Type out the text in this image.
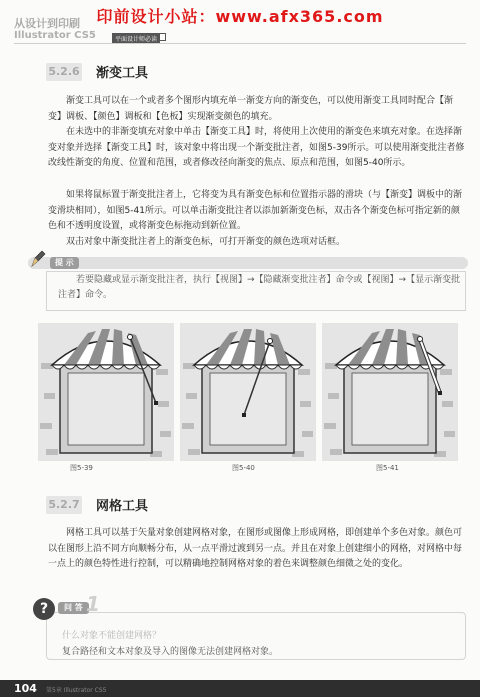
印前设计小站：www.afx365.com
从设计到印刷
Illustrator CS5	平面设计师必读
5.2.6 渐变工具

渐变工具可以在一个或者多个图形内填充单一渐变方向的渐变色，可以使用渐变工具同时配合【渐变】调板、【颜色】调板和【色板】实现渐变颜色的填充。

在未选中的非渐变填充对象中单击【渐变工具】时，将使用上次使用的渐变色来填充对象。在选择渐变对象并选择【渐变工具】时，该对象中将出现一个渐变批注者，如图5-39所示。可以使用渐变批注者修改线性渐变的角度、位置和范围，或者修改径向渐变的焦点、原点和范围，如图5-40所示。

如果将鼠标置于渐变批注者上，它将变为具有渐变色标和位置指示器的滑块（与【渐变】调板中的渐变滑块相同），如图5-41所示。可以单击渐变批注者以添加新渐变色标，双击各个渐变色标可指定新的颜色和不透明度设置，或将渐变色标拖动到新位置。

双击对象中渐变批注者上的渐变色标，可打开渐变的颜色选项对话框。

提 示

若要隐藏或显示渐变批注者，执行【视图】→【隐藏渐变批注者】命令或【视图】→【显示渐变批注者】命令。

图5-39	图5-40	图5-41
5.2.7 网格工具

网格工具可以基于矢量对象创建网格对象，在图形或图像上形成网格，即创建单个多色对象。颜色可以在图形上沿不同方向顺畅分布，从一点平滑过渡到另一点。并且在对象上创建细小的网格，对网格中每一点上的颜色特性进行控制，可以精确地控制网格对象的着色来调整颜色细微之处的变化。

?	问 答 1
什么对象不能创建网格？
复合路径和文本对象及导入的图像无法创建网格对象。
104 第5章 Illustrator CS5
